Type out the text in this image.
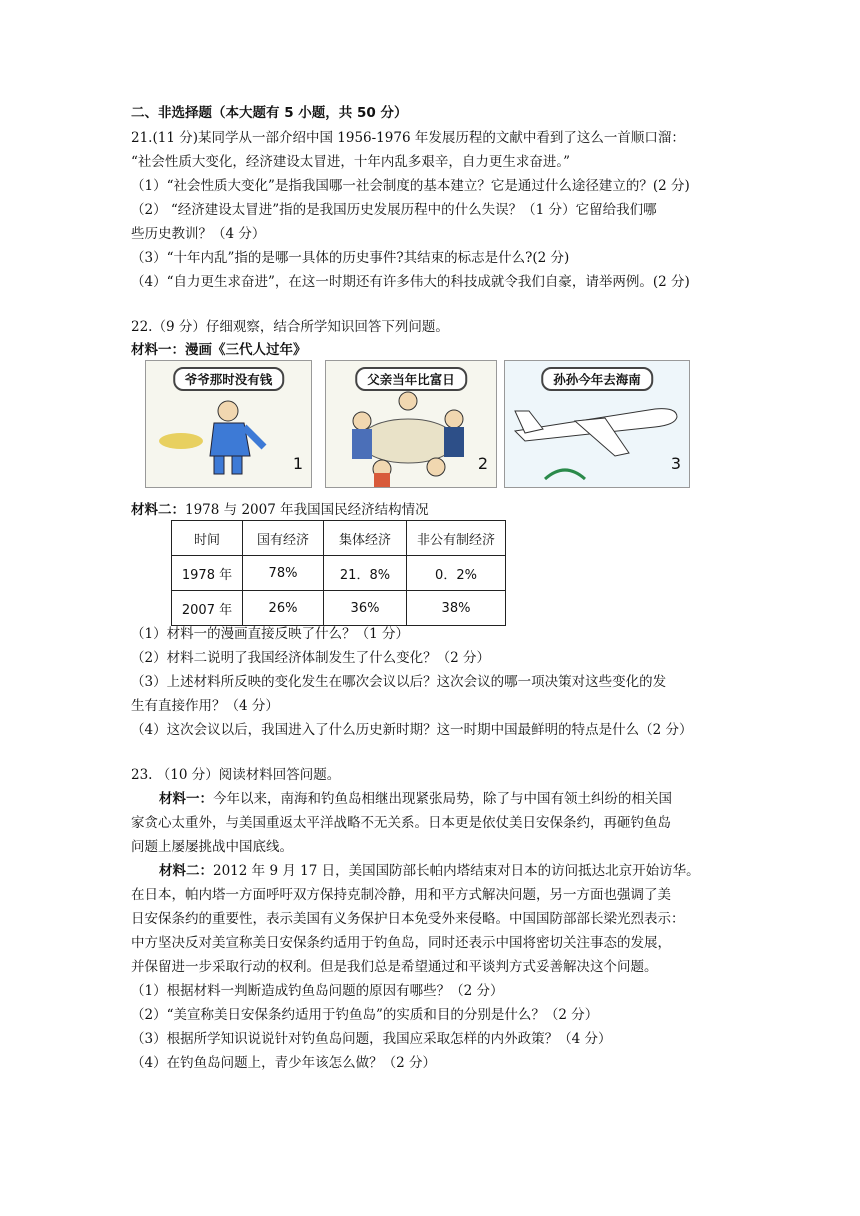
二、非选择题（本大题有 5 小题，共 50 分）
21.(11 分)某同学从一部介绍中国 1956-1976 年发展历程的文献中看到了这么一首顺口溜：
“社会性质大变化，经济建设太冒进，十年内乱多艰辛，自力更生求奋进。”
（1）“社会性质大变化”是指我国哪一社会制度的基本建立？它是通过什么途径建立的？(2 分)
（2） “经济建设太冒进”指的是我国历史发展历程中的什么失误？（1 分）它留给我们哪
些历史教训？（4 分）
（3）“十年内乱”指的是哪一具体的历史事件?其结束的标志是什么?(2 分)
（4）“自力更生求奋进”，在这一时期还有许多伟大的科技成就令我们自豪，请举两例。(2 分)
22.（9 分）仔细观察，结合所学知识回答下列问题。
材料一：漫画《三代人过年》
爷爷那时没有钱
1
父亲当年比富日
2
孙孙今年去海南
3
材料二：1978 与 2007 年我国国民经济结构情况
时间	国有经济	集体经济	非公有制经济
1978 年	78%	21．8%	0．2%
2007 年	26%	36%	38%
（1）材料一的漫画直接反映了什么？（1 分）
（2）材料二说明了我国经济体制发生了什么变化？（2 分）
（3）上述材料所反映的变化发生在哪次会议以后？这次会议的哪一项决策对这些变化的发
生有直接作用？（4 分）
（4）这次会议以后，我国进入了什么历史新时期？这一时期中国最鲜明的特点是什么（2 分）
23. （10 分）阅读材料回答问题。
材料一：今年以来，南海和钓鱼岛相继出现紧张局势，除了与中国有领土纠纷的相关国
家贪心太重外，与美国重返太平洋战略不无关系。日本更是依仗美日安保条约，再砸钓鱼岛
问题上屡屡挑战中国底线。
材料二：2012 年 9 月 17 日，美国国防部长帕内塔结束对日本的访问抵达北京开始访华。
在日本，帕内塔一方面呼吁双方保持克制冷静，用和平方式解决问题，另一方面也强调了美
日安保条约的重要性，表示美国有义务保护日本免受外来侵略。中国国防部部长梁光烈表示：
中方坚决反对美宣称美日安保条约适用于钓鱼岛，同时还表示中国将密切关注事态的发展，
并保留进一步采取行动的权利。但是我们总是希望通过和平谈判方式妥善解决这个问题。
（1）根据材料一判断造成钓鱼岛问题的原因有哪些？（2 分）
（2）“美宣称美日安保条约适用于钓鱼岛”的实质和目的分别是什么？（2 分）
（3）根据所学知识说说针对钓鱼岛问题，我国应采取怎样的内外政策？（4 分）
（4）在钓鱼岛问题上，青少年该怎么做？（2 分）
